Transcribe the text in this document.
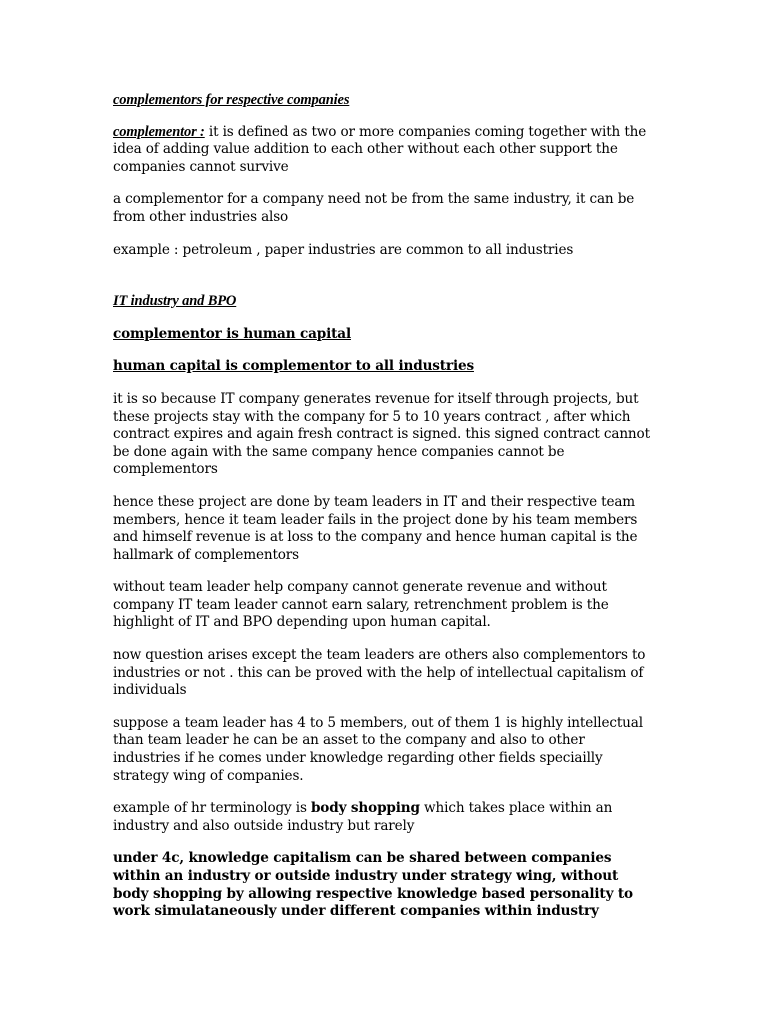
complementors for respective companies

complementor : it is defined as two or more companies coming together with the idea of adding value addition to each other without each other support the companies cannot survive

a complementor for a company need not be from the same industry, it can be from other industries also

example : petroleum , paper industries are common to all industries

IT industry and BPO

complementor is human capital

human capital is complementor to all industries

it is so because IT company generates revenue for itself through projects, but these projects stay with the company for 5 to 10 years contract , after which contract expires and again fresh contract is signed. this signed contract cannot be done again with the same company hence companies cannot be complementors

hence these project are done by team leaders in IT and their respective team members, hence it team leader fails in the project done by his team members and himself revenue is at loss to the company and hence human capital is the hallmark of complementors

without team leader help company cannot generate revenue and without company IT team leader cannot earn salary, retrenchment problem is the highlight of IT and BPO depending upon human capital.

now question arises except the team leaders are others also complementors to industries or not . this can be proved with the help of intellectual capitalism of individuals

suppose a team leader has 4 to 5 members, out of them 1 is highly intellectual than team leader he can be an asset to the company and also to other industries if he comes under knowledge regarding other fields speciailly strategy wing of companies.

example of hr terminology is body shopping which takes place within an industry and also outside industry but rarely

under 4c, knowledge capitalism can be shared between companies within an industry or outside industry under strategy wing, without body shopping by allowing respective knowledge based personality to work simulataneously under different companies within industry
